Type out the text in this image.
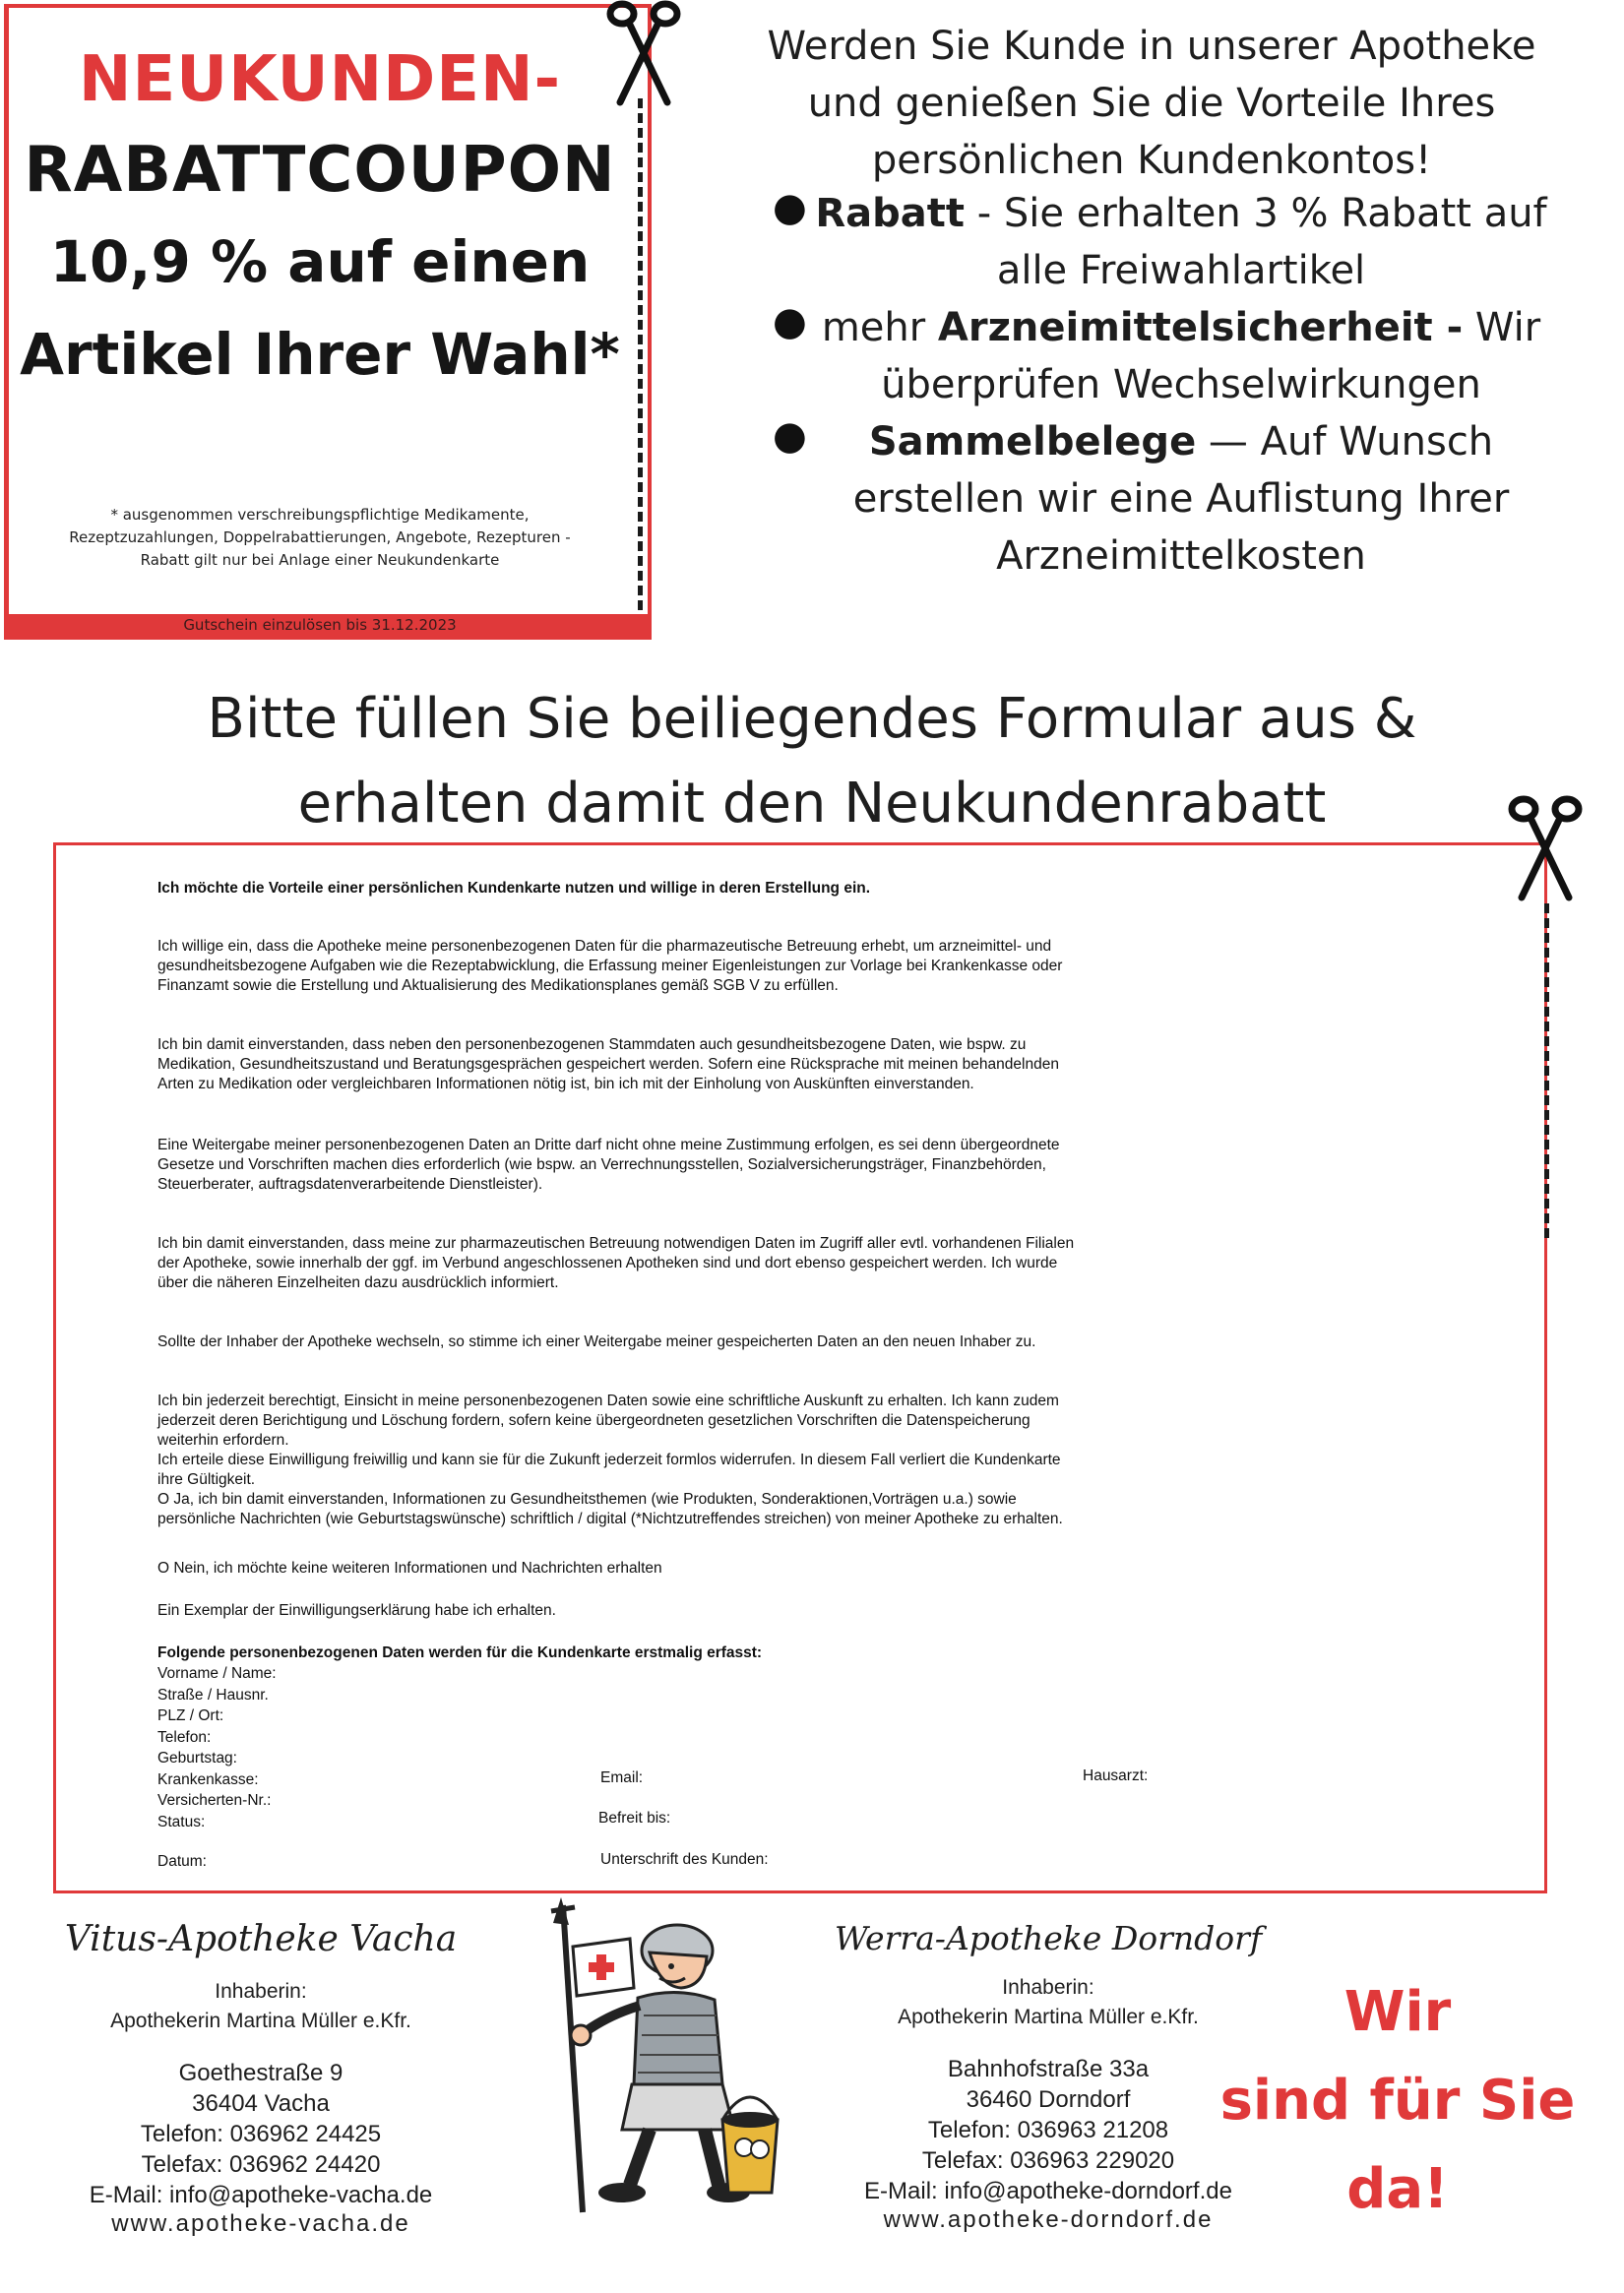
NEUKUNDEN-
RABATTCOUPON
10,9 % auf einen
Artikel Ihrer Wahl*
* ausgenommen verschreibungspflichtige Medikamente,
Rezeptzuzahlungen, Doppelrabattierungen, Angebote, Rezepturen -
Rabatt gilt nur bei Anlage einer Neukundenkarte
Gutschein einzulösen bis 31.12.2023
Werden Sie Kunde in unserer Apotheke
und genießen Sie die Vorteile Ihres
persönlichen Kundenkontos!
● Rabatt - Sie erhalten 3 % Rabatt auf
alle Freiwahlartikel
● mehr Arzneimittelsicherheit - Wir
überprüfen Wechselwirkungen
●	Sammelbelege — Auf Wunsch
erstellen wir eine Auflistung Ihrer
Arzneimittelkosten
Bitte füllen Sie beiliegendes Formular aus &
erhalten damit den Neukundenrabatt
Ich möchte die Vorteile einer persönlichen Kundenkarte nutzen und willige in deren Erstellung ein.
Ich willige ein, dass die Apotheke meine personenbezogenen Daten für die pharmazeutische Betreuung erhebt, um arzneimittel- und
gesundheitsbezogene Aufgaben wie die Rezeptabwicklung, die Erfassung meiner Eigenleistungen zur Vorlage bei Krankenkasse oder
Finanzamt sowie die Erstellung und Aktualisierung des Medikationsplanes gemäß SGB V zu erfüllen.
Ich bin damit einverstanden, dass neben den personenbezogenen Stammdaten auch gesundheitsbezogene Daten, wie bspw. zu
Medikation, Gesundheitszustand und Beratungsgesprächen gespeichert werden. Sofern eine Rücksprache mit meinen behandelnden
Arten zu Medikation oder vergleichbaren Informationen nötig ist, bin ich mit der Einholung von Auskünften einverstanden.
Eine Weitergabe meiner personenbezogenen Daten an Dritte darf nicht ohne meine Zustimmung erfolgen, es sei denn übergeordnete
Gesetze und Vorschriften machen dies erforderlich (wie bspw. an Verrechnungsstellen, Sozialversicherungsträger, Finanzbehörden,
Steuerberater, auftragsdatenverarbeitende Dienstleister).
Ich bin damit einverstanden, dass meine zur pharmazeutischen Betreuung notwendigen Daten im Zugriff aller evtl. vorhandenen Filialen
der Apotheke, sowie innerhalb der ggf. im Verbund angeschlossenen Apotheken sind und dort ebenso gespeichert werden. Ich wurde
über die näheren Einzelheiten dazu ausdrücklich informiert.
Sollte der Inhaber der Apotheke wechseln, so stimme ich einer Weitergabe meiner gespeicherten Daten an den neuen Inhaber zu.
Ich bin jederzeit berechtigt, Einsicht in meine personenbezogenen Daten sowie eine schriftliche Auskunft zu erhalten. Ich kann zudem
jederzeit deren Berichtigung und Löschung fordern, sofern keine übergeordneten gesetzlichen Vorschriften die Datenspeicherung
weiterhin erfordern.
Ich erteile diese Einwilligung freiwillig und kann sie für die Zukunft jederzeit formlos widerrufen. In diesem Fall verliert die Kundenkarte
ihre Gültigkeit.
O Ja, ich bin damit einverstanden, Informationen zu Gesundheitsthemen (wie Produkten, Sonderaktionen,Vorträgen u.a.) sowie
persönliche Nachrichten (wie Geburtstagswünsche) schriftlich / digital (*Nichtzutreffendes streichen) von meiner Apotheke zu erhalten.
O Nein, ich möchte keine weiteren Informationen und Nachrichten erhalten
Ein Exemplar der Einwilligungserklärung habe ich erhalten.
Folgende personenbezogenen Daten werden für die Kundenkarte erstmalig erfasst:
Vorname / Name:
Straße / Hausnr.
PLZ / Ort:
Telefon:
Geburtstag:
Krankenkasse:
Versicherten-Nr.:
Status:
Email:	Hausarzt:
Befreit bis:
Datum:	Unterschrift des Kunden:
Vitus-Apotheke Vacha
Inhaberin:
Apothekerin Martina Müller e.Kfr.
Goethestraße 9
36404 Vacha
Telefon: 036962 24425
Telefax: 036962 24420
E-Mail: info@apotheke-vacha.de
www.apotheke-vacha.de
Werra-Apotheke Dorndorf
Inhaberin:
Apothekerin Martina Müller e.Kfr.
Bahnhofstraße 33a
36460 Dorndorf
Telefon: 036963 21208
Telefax: 036963 229020
E-Mail: info@apotheke-dorndorf.de
www.apotheke-dorndorf.de
Wir
sind für Sie
da!
